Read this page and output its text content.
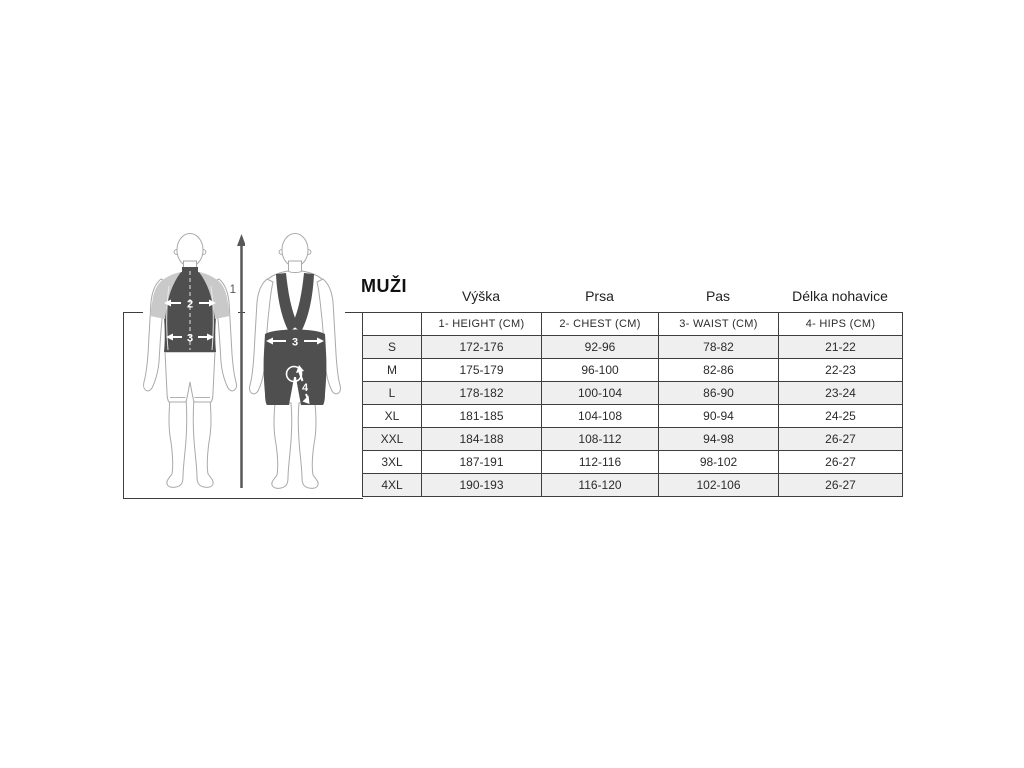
2
3
1
3
4
MUŽI	Výška	Prsa	Pas	Délka nohavice
	1- HEIGHT (CM)	2- CHEST (CM)	3- WAIST (CM)	4- HIPS (CM)
S	172-176	92-96	78-82	21-22
M	175-179	96-100	82-86	22-23
L	178-182	100-104	86-90	23-24
XL	181-185	104-108	90-94	24-25
XXL	184-188	108-112	94-98	26-27
3XL	187-191	112-116	98-102	26-27
4XL	190-193	116-120	102-106	26-27
